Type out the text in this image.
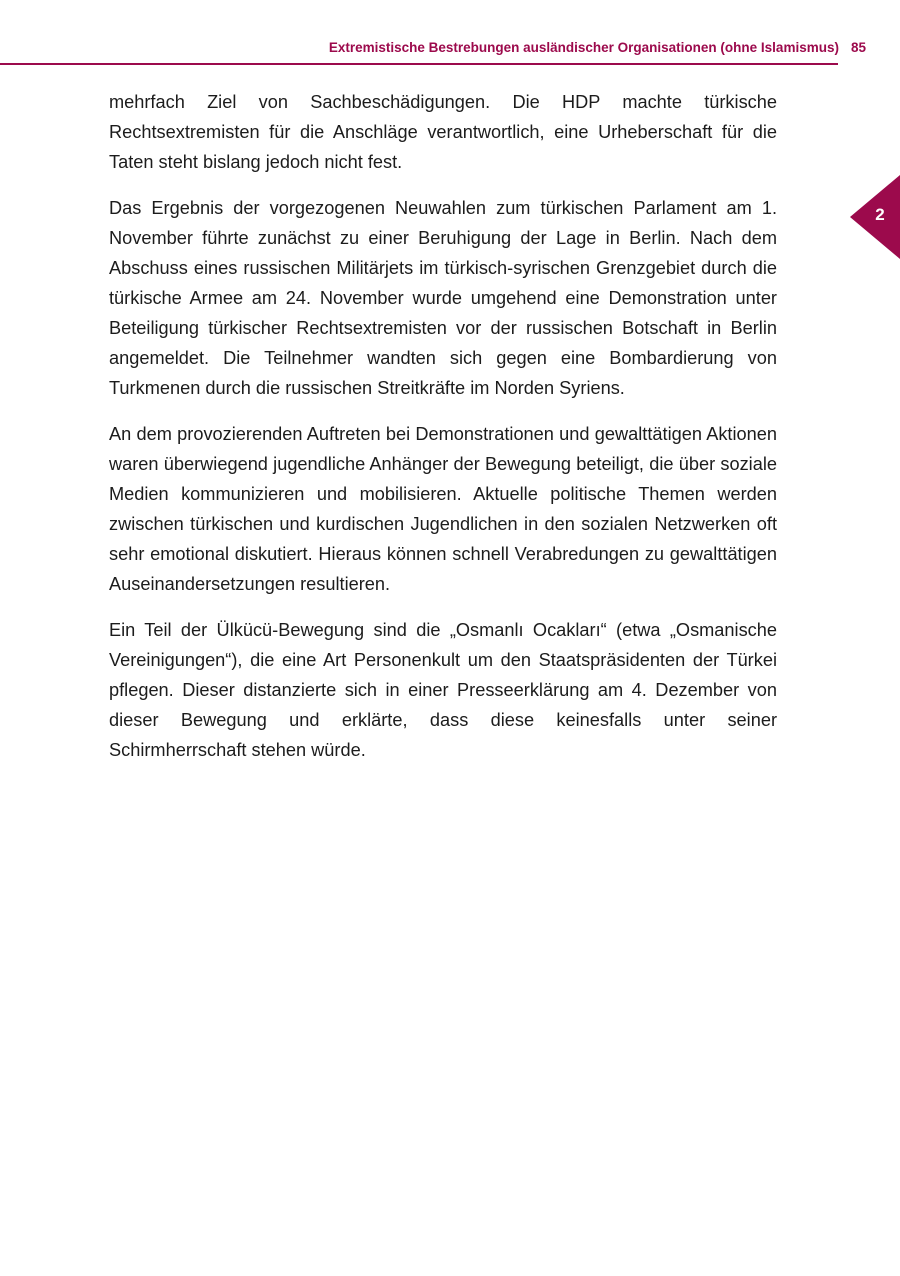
Extremistische Bestrebungen ausländischer Organisationen (ohne Islamismus) 85
2

mehrfach Ziel von Sachbeschädigungen. Die HDP machte türkische Rechtsextremisten für die Anschläge verantwortlich, eine Urheberschaft für die Taten steht bislang jedoch nicht fest.

Das Ergebnis der vorgezogenen Neuwahlen zum türkischen Parlament am 1. November führte zunächst zu einer Beruhigung der Lage in Berlin. Nach dem Abschuss eines russischen Militärjets im türkisch-syrischen Grenzgebiet durch die türkische Armee am 24. November wurde umgehend eine Demonstration unter Beteiligung türkischer Rechtsextremisten vor der russischen Botschaft in Berlin angemeldet. Die Teilnehmer wandten sich gegen eine Bombardierung von Turkmenen durch die russischen Streitkräfte im Norden Syriens.

An dem provozierenden Auftreten bei Demonstrationen und gewalttätigen Aktionen waren überwiegend jugendliche Anhänger der Bewegung beteiligt, die über soziale Medien kommunizieren und mobilisieren. Aktuelle politische Themen werden zwischen türkischen und kurdischen Jugendlichen in den sozialen Netzwerken oft sehr emotional diskutiert. Hieraus können schnell Verabredungen zu gewalttätigen Auseinandersetzungen resultieren.

Ein Teil der Ülkücü-Bewegung sind die „Osmanlı Ocakları“ (etwa „Osmanische Vereinigungen“), die eine Art Personenkult um den Staatspräsidenten der Türkei pflegen. Dieser distanzierte sich in einer Presseerklärung am 4. Dezember von dieser Bewegung und erklärte, dass diese keinesfalls unter seiner Schirmherrschaft stehen würde.
